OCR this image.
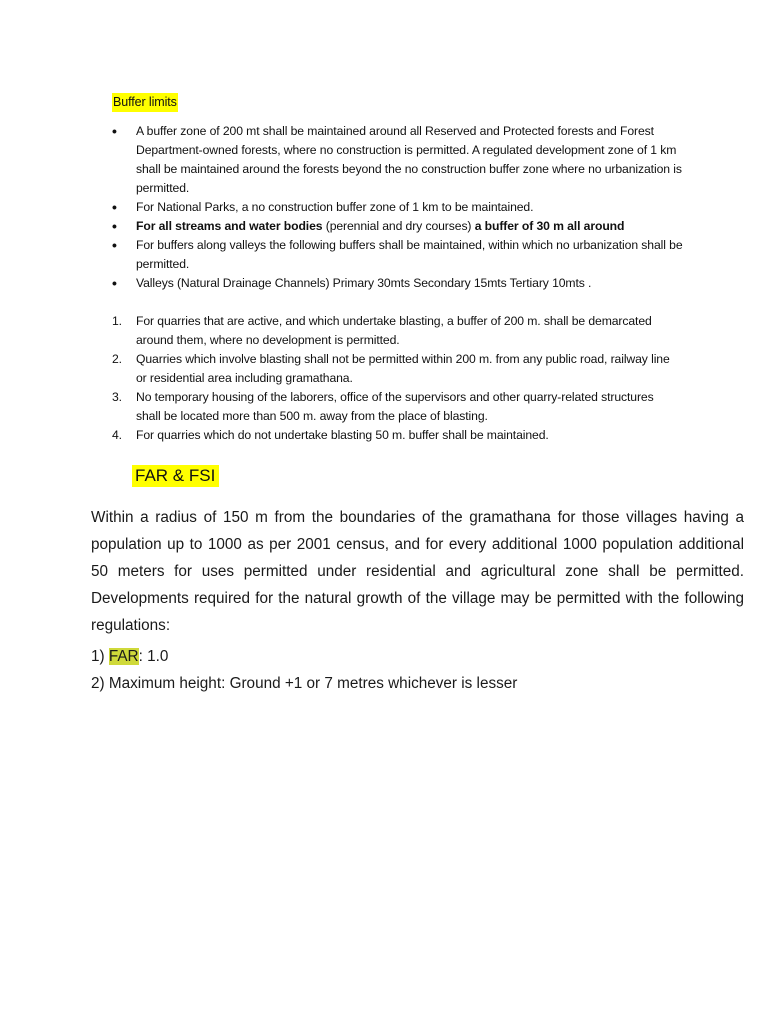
Buffer limits
• A buffer zone of 200 mt shall be maintained around all Reserved and Protected forests and Forest Department-owned forests, where no construction is permitted. A regulated development zone of 1 km shall be maintained around the forests beyond the no construction buffer zone where no urbanization is permitted.
• For National Parks, a no construction buffer zone of 1 km to be maintained.
• For all streams and water bodies (perennial and dry courses) a buffer of 30 m all around
• For buffers along valleys the following buffers shall be maintained, within which no urbanization shall be permitted.
• Valleys (Natural Drainage Channels) Primary 30mts Secondary 15mts Tertiary 10mts .
1. For quarries that are active, and which undertake blasting, a buffer of 200 m. shall be demarcated around them, where no development is permitted.
2. Quarries which involve blasting shall not be permitted within 200 m. from any public road, railway line or residential area including gramathana.
3. No temporary housing of the laborers, office of the supervisors and other quarry-related structures shall be located more than 500 m. away from the place of blasting.
4. For quarries which do not undertake blasting 50 m. buffer shall be maintained.
FAR & FSI

Within a radius of 150 m from the boundaries of the gramathana for those villages having a population up to 1000 as per 2001 census, and for every additional 1000 population additional 50 meters for uses permitted under residential and agricultural zone shall be permitted. Developments required for the natural growth of the village may be permitted with the following regulations:

1) FAR: 1.0

2) Maximum height: Ground +1 or 7 metres whichever is lesser
